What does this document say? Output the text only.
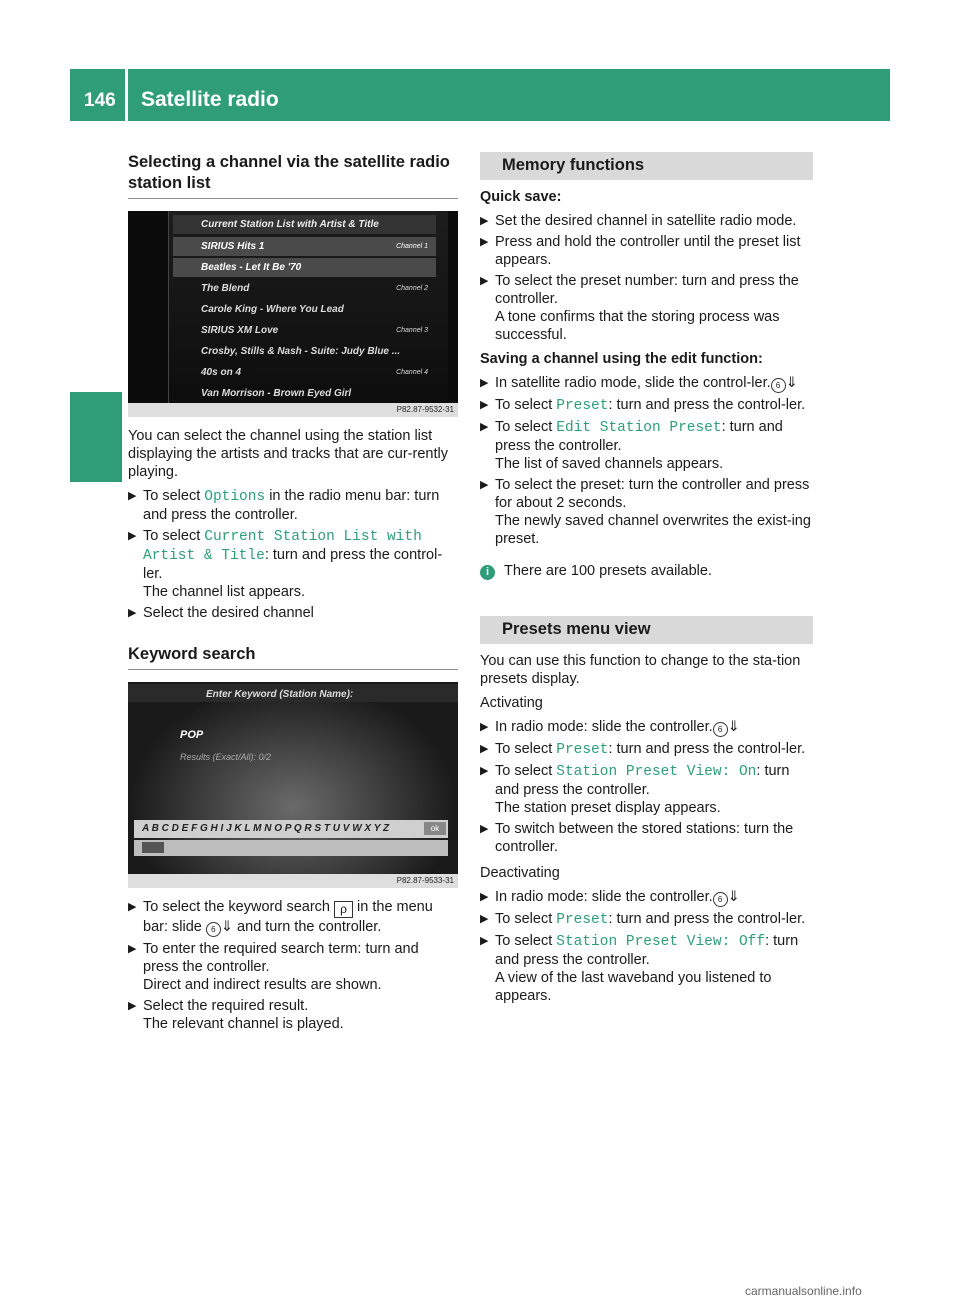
146 Satellite radio
Radio
Selecting a channel via the satellite radio station list
Current Station List with Artist & Title
SIRIUS Hits 1	Channel 1
Beatles - Let It Be '70
The Blend	Channel 2
Carole King - Where You Lead
SIRIUS XM Love	Channel 3
Crosby, Stills & Nash - Suite: Judy Blue ...
40s on 4	Channel 4
Van Morrison - Brown Eyed Girl
P82.87-9532-31

You can select the channel using the station list displaying the artists and tracks that are cur-rently playing.

▶ To select Options in the radio menu bar: turn and press the controller.
▶ To select Current Station List with Artist & Title: turn and press the control-ler.
The channel list appears.
▶ Select the desired channel
Keyword search
Enter Keyword (Station Name):
POP
Results (Exact/All): 0/2
A B C D E F G H I J K L M N O P Q R S T U V W X Y Z	ok
P82.87-9533-31
▶ To select the keyword search ρ in the menu bar: slide 6 ⇓ and turn the controller.
▶ To enter the required search term: turn and press the controller.
Direct and indirect results are shown.
▶ Select the required result.
The relevant channel is played.
Memory functions
Quick save:
▶ Set the desired channel in satellite radio mode.
▶ Press and hold the controller until the preset list appears.
▶ To select the preset number: turn and press the controller.
A tone confirms that the storing process was successful.
Saving a channel using the edit function:
▶ In satellite radio mode, slide the control-ler. 6 ⇓
▶ To select Preset: turn and press the control-ler.
▶ To select Edit Station Preset: turn and press the controller.
The list of saved channels appears.
▶ To select the preset: turn the controller and press for about 2 seconds.
The newly saved channel overwrites the exist-ing preset.

i There are 100 presets available.

Presets menu view

You can use this function to change to the sta-tion presets display.

Activating

▶ In radio mode: slide the controller. 6 ⇓
▶ To select Preset: turn and press the control-ler.
▶ To select Station Preset View: On: turn and press the controller.
The station preset display appears.
▶ To switch between the stored stations: turn the controller.

Deactivating

▶ In radio mode: slide the controller. 6 ⇓
▶ To select Preset: turn and press the control-ler.
▶ To select Station Preset View: Off: turn and press the controller.
A view of the last waveband you listened to appears.
carmanualsonline.info
